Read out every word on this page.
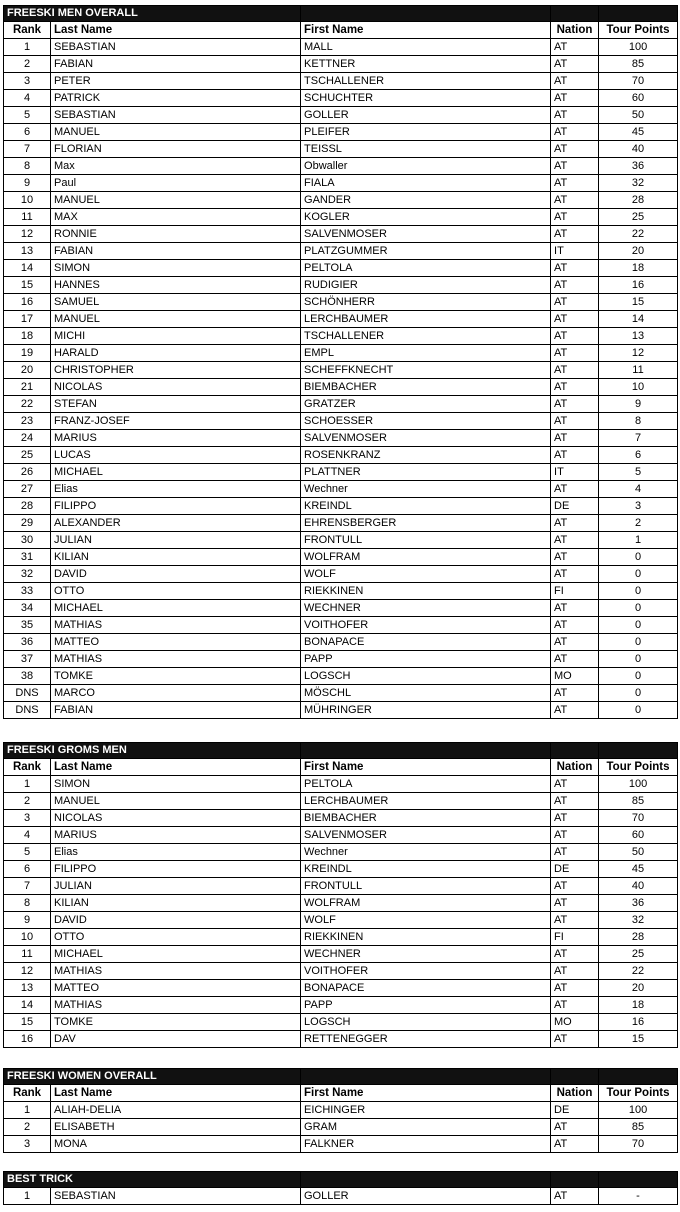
FREESKI MEN OVERALL				
Rank	Last Name	First Name	Nation	Tour Points
1	SEBASTIAN	MALL	AT	100
2	FABIAN	KETTNER	AT	85
3	PETER	TSCHALLENER	AT	70
4	PATRICK	SCHUCHTER	AT	60
5	SEBASTIAN	GOLLER	AT	50
6	MANUEL	PLEIFER	AT	45
7	FLORIAN	TEISSL	AT	40
8	Max	Obwaller	AT	36
9	Paul	FIALA	AT	32
10	MANUEL	GANDER	AT	28
11	MAX	KOGLER	AT	25
12	RONNIE	SALVENMOSER	AT	22
13	FABIAN	PLATZGUMMER	IT	20
14	SIMON	PELTOLA	AT	18
15	HANNES	RUDIGIER	AT	16
16	SAMUEL	SCHÖNHERR	AT	15
17	MANUEL	LERCHBAUMER	AT	14
18	MICHI	TSCHALLENER	AT	13
19	HARALD	EMPL	AT	12
20	CHRISTOPHER	SCHEFFKNECHT	AT	11
21	NICOLAS	BIEMBACHER	AT	10
22	STEFAN	GRATZER	AT	9
23	FRANZ-JOSEF	SCHOESSER	AT	8
24	MARIUS	SALVENMOSER	AT	7
25	LUCAS	ROSENKRANZ	AT	6
26	MICHAEL	PLATTNER	IT	5
27	Elias	Wechner	AT	4
28	FILIPPO	KREINDL	DE	3
29	ALEXANDER	EHRENSBERGER	AT	2
30	JULIAN	FRONTULL	AT	1
31	KILIAN	WOLFRAM	AT	0
32	DAVID	WOLF	AT	0
33	OTTO	RIEKKINEN	FI	0
34	MICHAEL	WECHNER	AT	0
35	MATHIAS	VOITHOFER	AT	0
36	MATTEO	BONAPACE	AT	0
37	MATHIAS	PAPP	AT	0
38	TOMKE	LOGSCH	MO	0
DNS	MARCO	MÖSCHL	AT	0
DNS	FABIAN	MÜHRINGER	AT	0
FREESKI GROMS MEN				
Rank	Last Name	First Name	Nation	Tour Points
1	SIMON	PELTOLA	AT	100
2	MANUEL	LERCHBAUMER	AT	85
3	NICOLAS	BIEMBACHER	AT	70
4	MARIUS	SALVENMOSER	AT	60
5	Elias	Wechner	AT	50
6	FILIPPO	KREINDL	DE	45
7	JULIAN	FRONTULL	AT	40
8	KILIAN	WOLFRAM	AT	36
9	DAVID	WOLF	AT	32
10	OTTO	RIEKKINEN	FI	28
11	MICHAEL	WECHNER	AT	25
12	MATHIAS	VOITHOFER	AT	22
13	MATTEO	BONAPACE	AT	20
14	MATHIAS	PAPP	AT	18
15	TOMKE	LOGSCH	MO	16
16	DAV	RETTENEGGER	AT	15
FREESKI WOMEN OVERALL				
Rank	Last Name	First Name	Nation	Tour Points
1	ALIAH-DELIA	EICHINGER	DE	100
2	ELISABETH	GRAM	AT	85
3	MONA	FALKNER	AT	70
BEST TRICK				
1	SEBASTIAN	GOLLER	AT	-
